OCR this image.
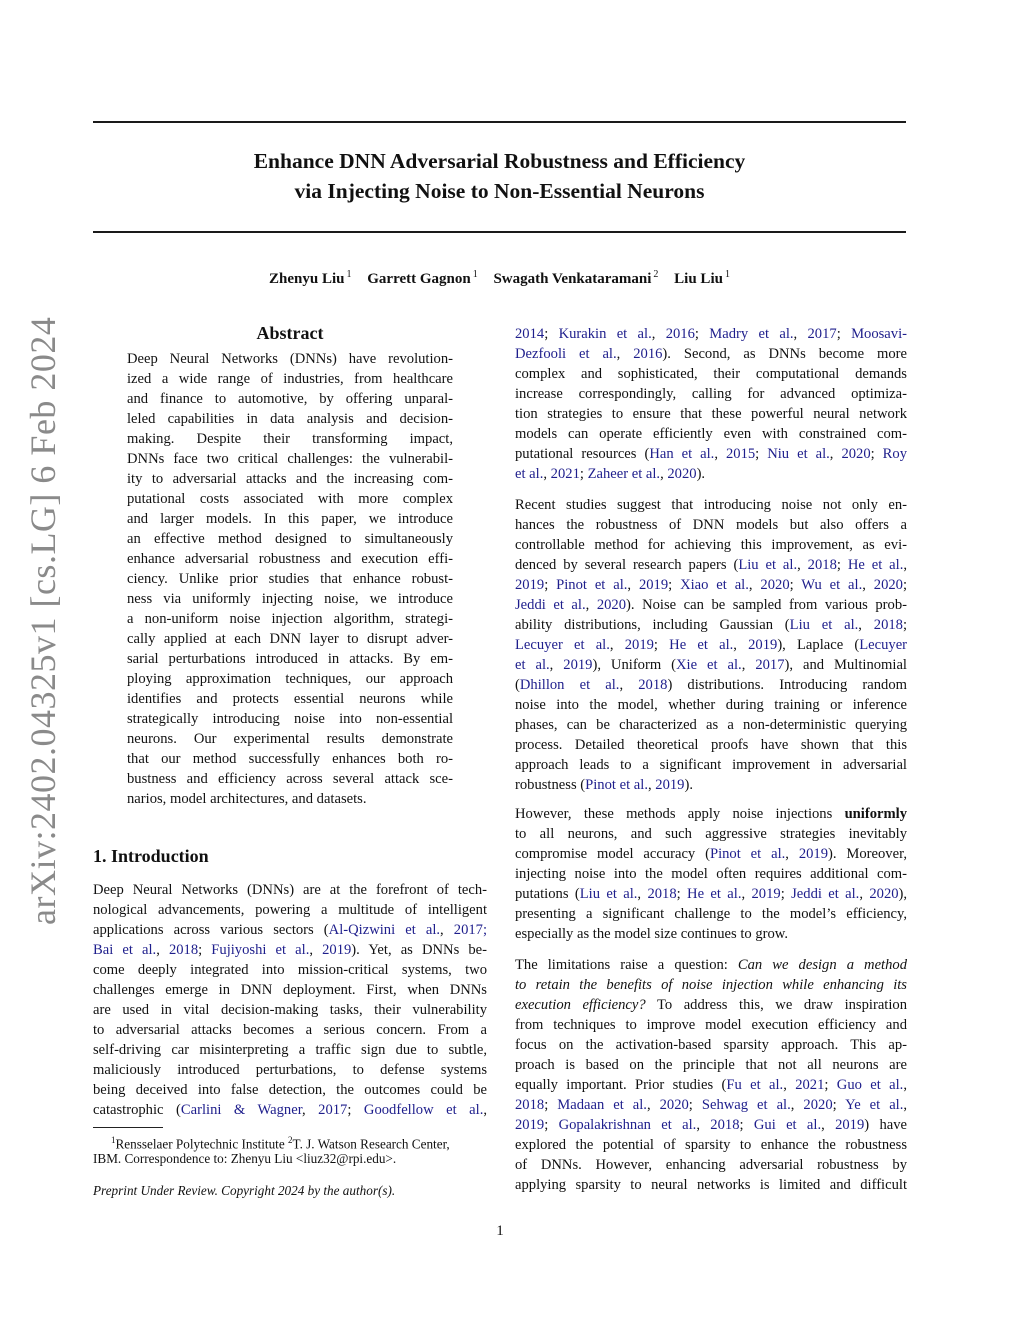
arXiv:2402.04325v1 [cs.LG] 6 Feb 2024
Enhance DNN Adversarial Robustness and Efficiency
via Injecting Noise to Non-Essential Neurons
Zhenyu Liu $^1$ Garrett Gagnon $^1$ Swagath Venkataramani $^2$ Liu Liu $^1$
Abstract
Deep Neural Networks (DNNs) have revolution-
ized a wide range of industries, from healthcare
and finance to automotive, by offering unparal-
leled capabilities in data analysis and decision-
making. Despite their transforming impact,
DNNs face two critical challenges: the vulnerabil-
ity to adversarial attacks and the increasing com-
putational costs associated with more complex
and larger models. In this paper, we introduce
an effective method designed to simultaneously
enhance adversarial robustness and execution effi-
ciency. Unlike prior studies that enhance robust-
ness via uniformly injecting noise, we introduce
a non-uniform noise injection algorithm, strategi-
cally applied at each DNN layer to disrupt adver-
sarial perturbations introduced in attacks. By em-
ploying approximation techniques, our approach
identifies and protects essential neurons while
strategically introducing noise into non-essential
neurons. Our experimental results demonstrate
that our method successfully enhances both ro-
bustness and efficiency across several attack sce-
narios, model architectures, and datasets.
1. Introduction
Deep Neural Networks (DNNs) are at the forefront of tech-
nological advancements, powering a multitude of intelligent
applications across various sectors (Al-Qizwini et al., 2017;
Bai et al., 2018; Fujiyoshi et al., 2019). Yet, as DNNs be-
come deeply integrated into mission-critical systems, two
challenges emerge in DNN deployment. First, when DNNs
are used in vital decision-making tasks, their vulnerability
to adversarial attacks becomes a serious concern. From a
self-driving car misinterpreting a traffic sign due to subtle,
maliciously introduced perturbations, to defense systems
being deceived into false detection, the outcomes could be
catastrophic (Carlini & Wagner, 2017; Goodfellow et al.,
$^1$Rensselaer Polytechnic Institute $^2$T. J. Watson Research Center,
IBM. Correspondence to: Zhenyu Liu <liuz32@rpi.edu>.
Preprint Under Review. Copyright 2024 by the author(s).
2014; Kurakin et al., 2016; Madry et al., 2017; Moosavi-
Dezfooli et al., 2016). Second, as DNNs become more
complex and sophisticated, their computational demands
increase correspondingly, calling for advanced optimiza-
tion strategies to ensure that these powerful neural network
models can operate efficiently even with constrained com-
putational resources (Han et al., 2015; Niu et al., 2020; Roy
et al., 2021; Zaheer et al., 2020).
Recent studies suggest that introducing noise not only en-
hances the robustness of DNN models but also offers a
controllable method for achieving this improvement, as evi-
denced by several research papers (Liu et al., 2018; He et al.,
2019; Pinot et al., 2019; Xiao et al., 2020; Wu et al., 2020;
Jeddi et al., 2020). Noise can be sampled from various prob-
ability distributions, including Gaussian (Liu et al., 2018;
Lecuyer et al., 2019; He et al., 2019), Laplace (Lecuyer
et al., 2019), Uniform (Xie et al., 2017), and Multinomial
(Dhillon et al., 2018) distributions. Introducing random
noise into the model, whether during training or inference
phases, can be characterized as a non-deterministic querying
process. Detailed theoretical proofs have shown that this
approach leads to a significant improvement in adversarial
robustness (Pinot et al., 2019).
However, these methods apply noise injections uniformly
to all neurons, and such aggressive strategies inevitably
compromise model accuracy (Pinot et al., 2019). Moreover,
injecting noise into the model often requires additional com-
putations (Liu et al., 2018; He et al., 2019; Jeddi et al., 2020),
presenting a significant challenge to the model’s efficiency,
especially as the model size continues to grow.
The limitations raise a question: Can we design a method
to retain the benefits of noise injection while enhancing its
execution efficiency? To address this, we draw inspiration
from techniques to improve model execution efficiency and
focus on the activation-based sparsity approach. This ap-
proach is based on the principle that not all neurons are
equally important. Prior studies (Fu et al., 2021; Guo et al.,
2018; Madaan et al., 2020; Sehwag et al., 2020; Ye et al.,
2019; Gopalakrishnan et al., 2018; Gui et al., 2019) have
explored the potential of sparsity to enhance the robustness
of DNNs. However, enhancing adversarial robustness by
applying sparsity to neural networks is limited and difficult
1
